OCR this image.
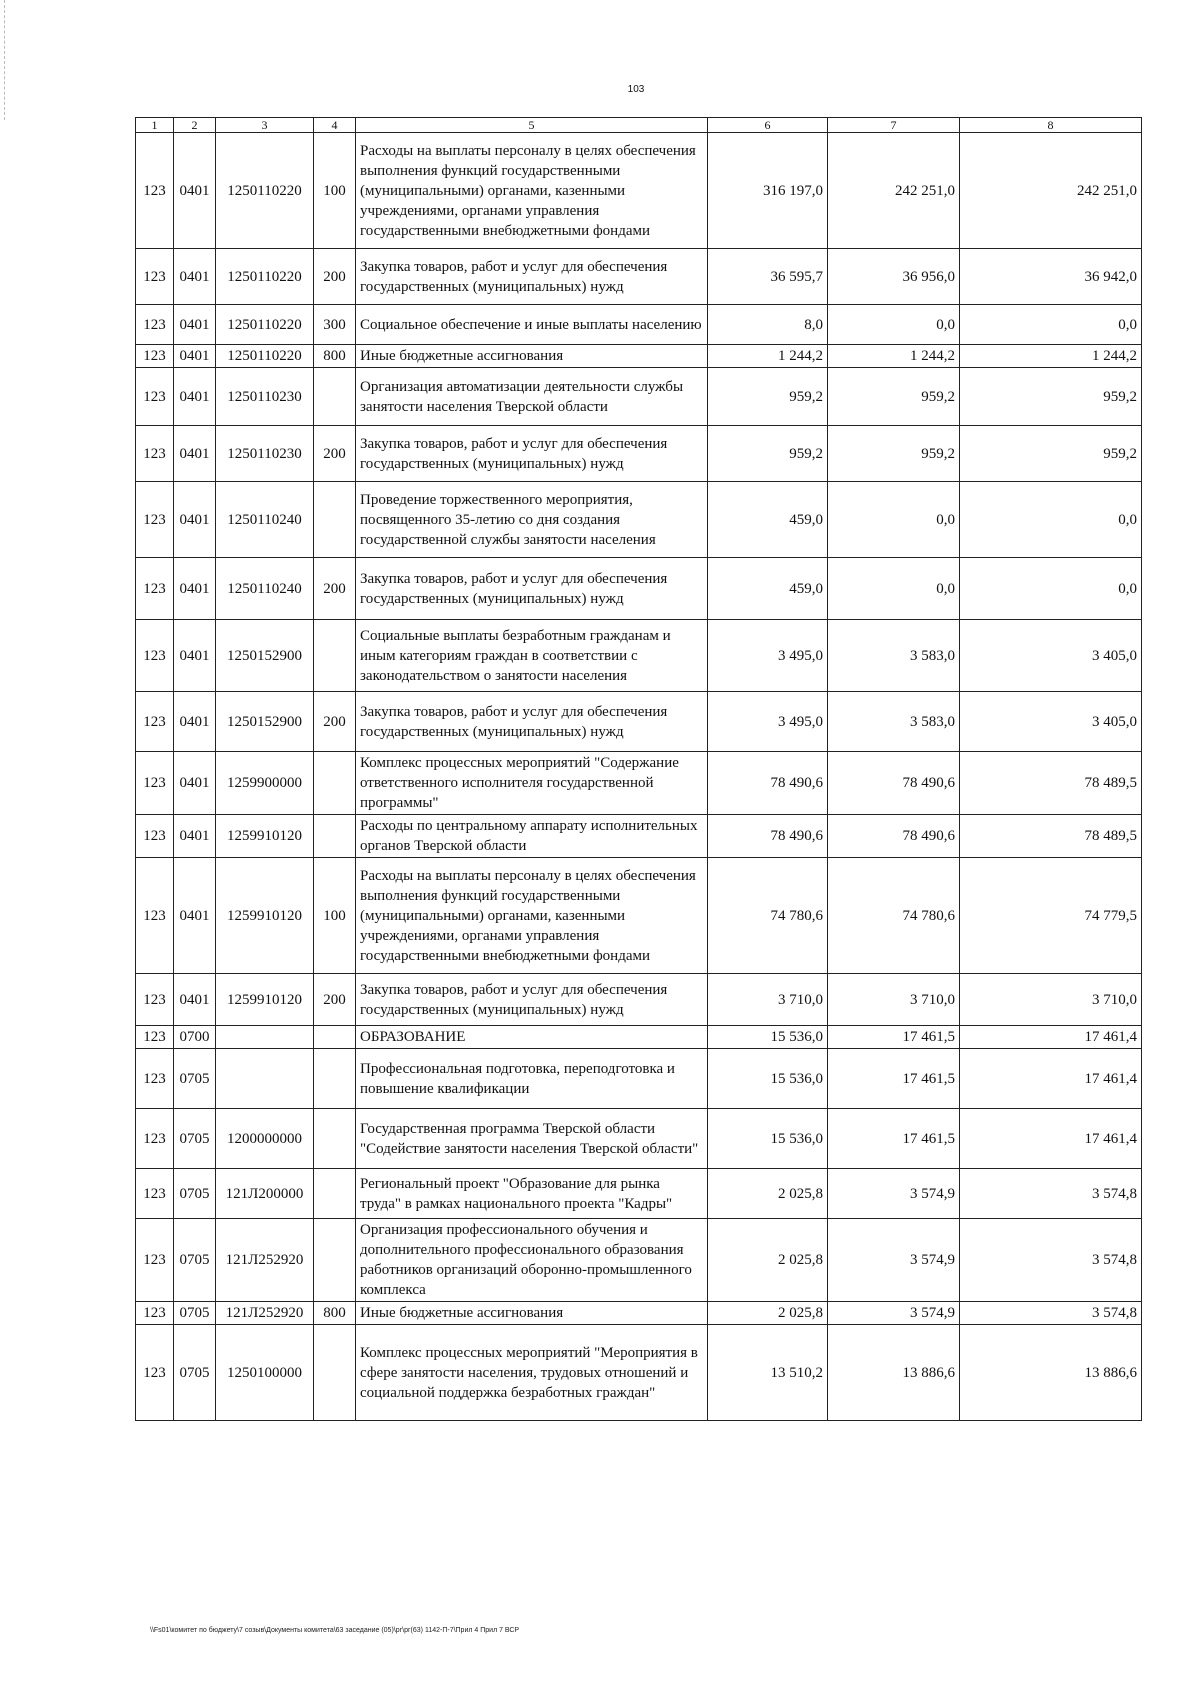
103
1	2	3	4	5	6	7	8
123	0401	1250110220	100	Расходы на выплаты персоналу в целях обеспечения выполнения функций государственными (муниципальными) органами, казенными учреждениями, органами управления государственными внебюджетными фондами	316 197,0	242 251,0	242 251,0
123	0401	1250110220	200	Закупка товаров, работ и услуг для обеспечения государственных (муниципальных) нужд	36 595,7	36 956,0	36 942,0
123	0401	1250110220	300	Социальное обеспечение и иные выплаты населению	8,0	0,0	0,0
123	0401	1250110220	800	Иные бюджетные ассигнования	1 244,2	1 244,2	1 244,2
123	0401	1250110230		Организация автоматизации деятельности службы занятости населения Тверской области	959,2	959,2	959,2
123	0401	1250110230	200	Закупка товаров, работ и услуг для обеспечения государственных (муниципальных) нужд	959,2	959,2	959,2
123	0401	1250110240		Проведение торжественного мероприятия, посвященного 35-летию со дня создания государственной службы занятости населения	459,0	0,0	0,0
123	0401	1250110240	200	Закупка товаров, работ и услуг для обеспечения государственных (муниципальных) нужд	459,0	0,0	0,0
123	0401	1250152900		Социальные выплаты безработным гражданам и иным категориям граждан в соответствии с законодательством о занятости населения	3 495,0	3 583,0	3 405,0
123	0401	1250152900	200	Закупка товаров, работ и услуг для обеспечения государственных (муниципальных) нужд	3 495,0	3 583,0	3 405,0
123	0401	1259900000		Комплекс процессных мероприятий "Содержание ответственного исполнителя государственной программы"	78 490,6	78 490,6	78 489,5
123	0401	1259910120		Расходы по центральному аппарату исполнительных органов Тверской области	78 490,6	78 490,6	78 489,5
123	0401	1259910120	100	Расходы на выплаты персоналу в целях обеспечения выполнения функций государственными (муниципальными) органами, казенными учреждениями, органами управления государственными внебюджетными фондами	74 780,6	74 780,6	74 779,5
123	0401	1259910120	200	Закупка товаров, работ и услуг для обеспечения государственных (муниципальных) нужд	3 710,0	3 710,0	3 710,0
123	0700			ОБРАЗОВАНИЕ	15 536,0	17 461,5	17 461,4
123	0705			Профессиональная подготовка, переподготовка и повышение квалификации	15 536,0	17 461,5	17 461,4
123	0705	1200000000		Государственная программа Тверской области "Содействие занятости населения Тверской области"	15 536,0	17 461,5	17 461,4
123	0705	121Л200000		Региональный проект "Образование для рынка труда" в рамках национального проекта "Кадры"	2 025,8	3 574,9	3 574,8
123	0705	121Л252920		Организация профессионального обучения и дополнительного профессионального образования работников организаций оборонно-промышленного комплекса	2 025,8	3 574,9	3 574,8
123	0705	121Л252920	800	Иные бюджетные ассигнования	2 025,8	3 574,9	3 574,8
123	0705	1250100000		Комплекс процессных мероприятий "Мероприятия в сфере занятости населения, трудовых отношений и социальной поддержка безработных граждан"	13 510,2	13 886,6	13 886,6
\\Fs01\комитет по бюджету\7 созыв\Документы комитета\63 заседание (05)\рг\рг(63) 1142-П-7\Прил 4 Прил 7 ВСР
